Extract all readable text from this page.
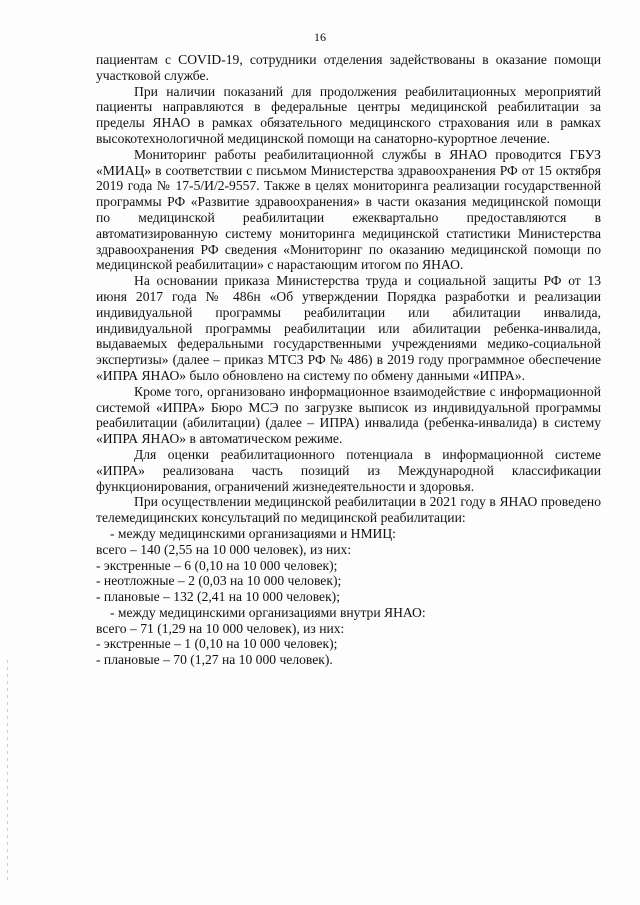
16

пациентам с COVID-19, сотрудники отделения задействованы в оказание помощи участковой службе.

При наличии показаний для продолжения реабилитационных мероприятий пациенты направляются в федеральные центры медицинской реабилитации за пределы ЯНАО в рамках обязательного медицинского страхования или в рамках высокотехнологичной медицинской помощи на санаторно-курортное лечение.

Мониторинг работы реабилитационной службы в ЯНАО проводится ГБУЗ «МИАЦ» в соответствии с письмом Министерства здравоохранения РФ от 15 октября 2019 года № 17-5/И/2-9557. Также в целях мониторинга реализации государственной программы РФ «Развитие здравоохранения» в части оказания медицинской помощи по медицинской реабилитации ежеквартально предоставляются в автоматизированную систему мониторинга медицинской статистики Министерства здравоохранения РФ сведения «Мониторинг по оказанию медицинской помощи по медицинской реабилитации» с нарастающим итогом по ЯНАО.

На основании приказа Министерства труда и социальной защиты РФ от 13 июня 2017 года № 486н «Об утверждении Порядка разработки и реализации индивидуальной программы реабилитации или абилитации инвалида, индивидуальной программы реабилитации или абилитации ребенка-инвалида, выдаваемых федеральными государственными учреждениями медико-социальной экспертизы» (далее – приказ МТСЗ РФ № 486) в 2019 году программное обеспечение «ИПРА ЯНАО» было обновлено на систему по обмену данными «ИПРА».

Кроме того, организовано информационное взаимодействие с информационной системой «ИПРА» Бюро МСЭ по загрузке выписок из индивидуальной программы реабилитации (абилитации) (далее – ИПРА) инвалида (ребенка-инвалида) в систему «ИПРА ЯНАО» в автоматическом режиме.

Для оценки реабилитационного потенциала в информационной системе «ИПРА» реализована часть позиций из Международной классификации функционирования, ограничений жизнедеятельности и здоровья.

При осуществлении медицинской реабилитации в 2021 году в ЯНАО проведено телемедицинских консультаций по медицинской реабилитации:

- между медицинскими организациями и НМИЦ:
всего – 140 (2,55 на 10 000 человек), из них:
- экстренные – 6 (0,10 на 10 000 человек);
- неотложные – 2 (0,03 на 10 000 человек);
- плановые – 132 (2,41 на 10 000 человек);
- между медицинскими организациями внутри ЯНАО:
всего – 71 (1,29 на 10 000 человек), из них:
- экстренные – 1 (0,10 на 10 000 человек);
- плановые – 70 (1,27 на 10 000 человек).
